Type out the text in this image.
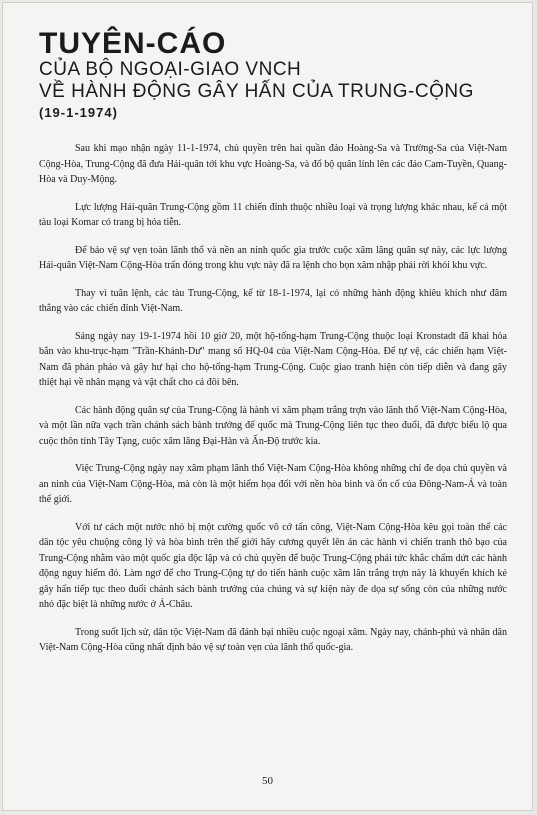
TUYÊN-CÁO
CỦA BỘ NGOẠI-GIAO VNCH
VỀ HÀNH ĐỘNG GÂY HẤN CỦA TRUNG-CỘNG
(19-1-1974)

Sau khi mạo nhận ngày 11-1-1974, chủ quyền trên hai quần đảo Hoàng-Sa và Trường-Sa của Việt-Nam Cộng-Hòa, Trung-Cộng đã đưa Hải-quân tới khu vực Hoàng-Sa, và đổ bộ quân lính lên các đảo Cam-Tuyền, Quang-Hòa và Duy-Mộng.

Lực lượng Hải-quân Trung-Cộng gồm 11 chiến đỉnh thuộc nhiều loại và trọng lượng khác nhau, kể cả một tàu loại Komar có trang bị hỏa tiễn.

Để bảo vệ sự vẹn toàn lãnh thổ và nền an ninh quốc gia trước cuộc xâm lăng quân sự này, các lực lượng Hải-quân Việt-Nam Cộng-Hòa trấn đóng trong khu vực này đã ra lệnh cho bọn xâm nhập phải rời khỏi khu vực.

Thay vì tuân lệnh, các tàu Trung-Cộng, kể từ 18-1-1974, lại có những hành động khiêu khích như đâm thẳng vào các chiến đỉnh Việt-Nam.

Sáng ngày nay 19-1-1974 hồi 10 giờ 20, một hộ-tống-hạm Trung-Cộng thuộc loại Kronstadt đã khai hỏa bắn vào khu-trục-hạm "Trần-Khánh-Dư" mang số HQ-04 của Việt-Nam Cộng-Hòa. Để tự vệ, các chiến hạm Việt-Nam đã phản pháo và gây hư hại cho hộ-tống-hạm Trung-Cộng. Cuộc giao tranh hiện còn tiếp diễn và đang gây thiệt hại về nhân mạng và vật chất cho cả đôi bên.

Các hành động quân sự của Trung-Cộng là hành vi xâm phạm trắng trợn vào lãnh thổ Việt-Nam Cộng-Hòa, và một lần nữa vạch trần chánh sách bành trướng đế quốc mà Trung-Cộng liên tục theo đuổi, đã được biểu lộ qua cuộc thôn tính Tây Tạng, cuộc xâm lăng Đại-Hàn và Ấn-Độ trước kia.

Việc Trung-Cộng ngày nay xâm phạm lãnh thổ Việt-Nam Cộng-Hòa không những chỉ đe dọa chủ quyền và an ninh của Việt-Nam Cộng-Hòa, mà còn là một hiểm họa đối với nền hòa bình và ổn cố của Đông-Nam-Á và toàn thế giới.

Với tư cách một nước nhỏ bị một cường quốc vô cớ tấn công, Việt-Nam Cộng-Hòa kêu gọi toàn thể các dân tộc yêu chuộng công lý và hòa bình trên thế giới hãy cương quyết lên án các hành vi chiến tranh thô bạo của Trung-Cộng nhằm vào một quốc gia độc lập và có chủ quyền để buộc Trung-Cộng phải tức khắc chấm dứt các hành động nguy hiểm đó. Làm ngơ để cho Trung-Cộng tự do tiến hành cuộc xâm lăn trắng trợn này là khuyến khích kẻ gây hấn tiếp tục theo đuổi chánh sách bành trướng của chúng và sự kiện này đe dọa sự sống còn của những nước nhỏ đặc biệt là những nước ở Á-Châu.

Trong suốt lịch sử, dân tộc Việt-Nam đã đánh bại nhiều cuộc ngoại xâm. Ngày nay, chánh-phủ và nhân dân Việt-Nam Cộng-Hòa cũng nhất định bảo vệ sự toàn vẹn của lãnh thổ quốc-gia.

50
